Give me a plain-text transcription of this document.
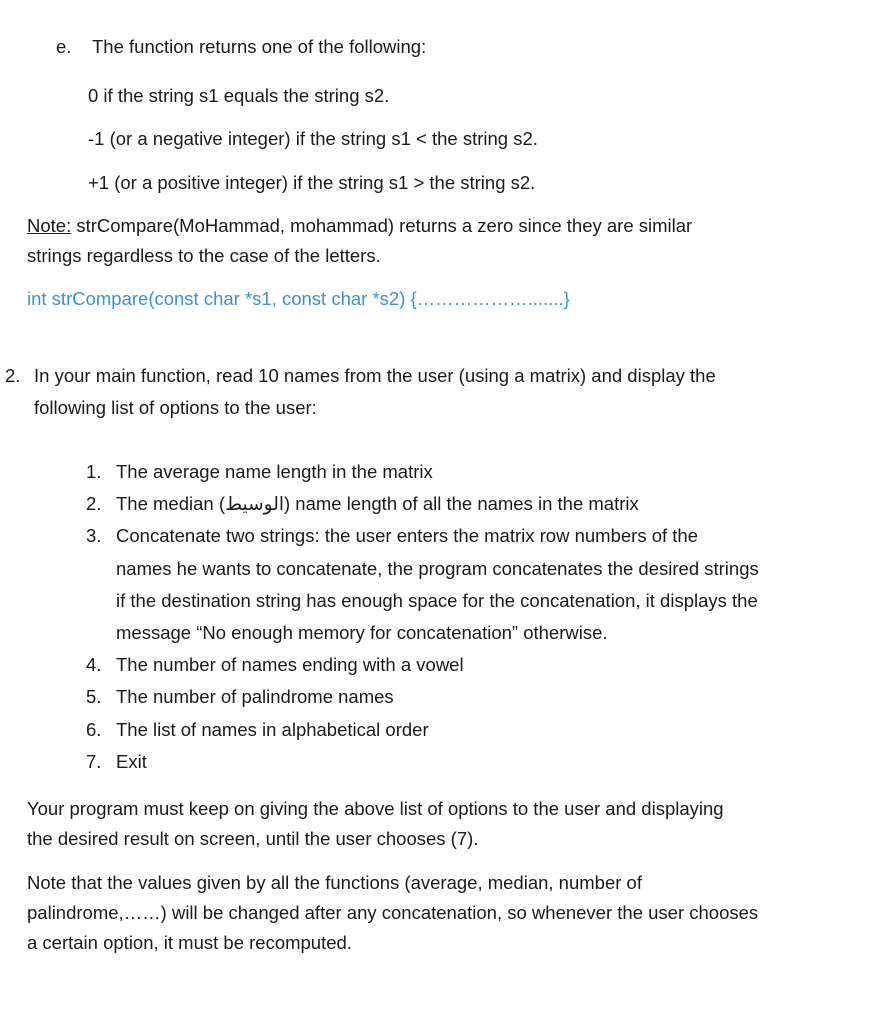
e. The function returns one of the following:
0 if the string s1 equals the string s2.
-1 (or a negative integer) if the string s1 < the string s2.
+1 (or a positive integer) if the string s1 > the string s2.
Note: strCompare(MoHammad, mohammad) returns a zero since they are similar
strings regardless to the case of the letters.
int strCompare(const char *s1, const char *s2) {……………….......}
2. In your main function, read 10 names from the user (using a matrix) and display the
following list of options to the user:
1. The average name length in the matrix
2. The median (الوسيط) name length of all the names in the matrix
3. Concatenate two strings: the user enters the matrix row numbers of the
names he wants to concatenate, the program concatenates the desired strings
if the destination string has enough space for the concatenation, it displays the
message “No enough memory for concatenation” otherwise.
4. The number of names ending with a vowel
5. The number of palindrome names
6. The list of names in alphabetical order
7. Exit
Your program must keep on giving the above list of options to the user and displaying
the desired result on screen, until the user chooses (7).
Note that the values given by all the functions (average, median, number of
palindrome,……) will be changed after any concatenation, so whenever the user chooses
a certain option, it must be recomputed.
